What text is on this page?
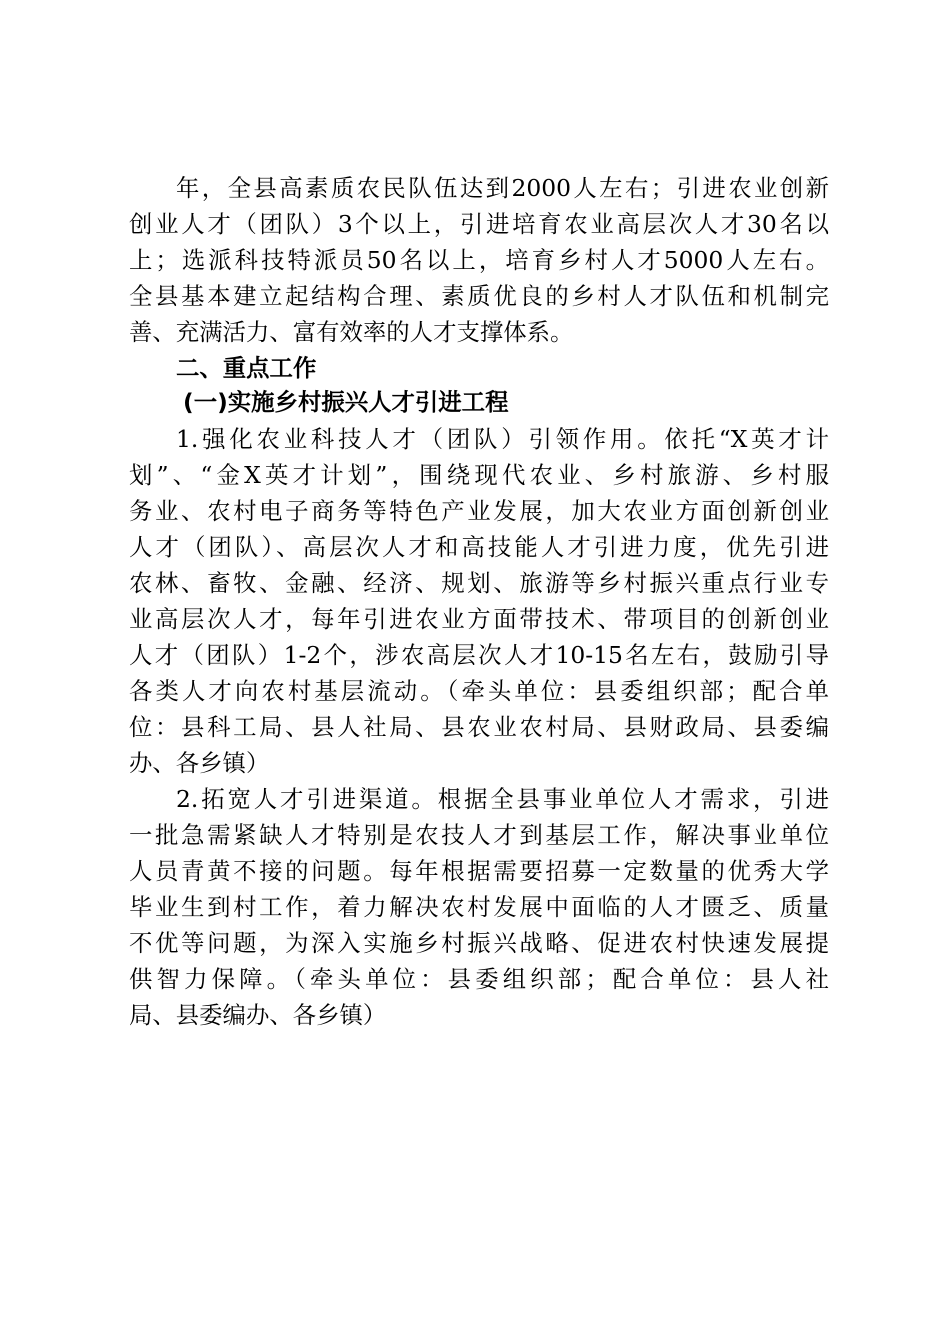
年，全县高素质农民队伍达到2000人左右；引进农业创新
创业人才（团队）3个以上，引进培育农业高层次人才30名以
上；选派科技特派员50名以上，培育乡村人才5000人左右。
全县基本建立起结构合理、素质优良的乡村人才队伍和机制完
善、充满活力、富有效率的人才支撑体系。
二、重点工作
(一)实施乡村振兴人才引进工程
1.强化农业科技人才（团队）引领作用。依托“X英才计
划”、“金X英才计划”，围绕现代农业、乡村旅游、乡村服
务业、农村电子商务等特色产业发展，加大农业方面创新创业
人才（团队）、高层次人才和高技能人才引进力度，优先引进
农林、畜牧、金融、经济、规划、旅游等乡村振兴重点行业专
业高层次人才，每年引进农业方面带技术、带项目的创新创业
人才（团队）1-2个，涉农高层次人才10-15名左右，鼓励引导
各类人才向农村基层流动。（牵头单位：县委组织部；配合单
位：县科工局、县人社局、县农业农村局、县财政局、县委编
办、各乡镇）
2.拓宽人才引进渠道。根据全县事业单位人才需求，引进
一批急需紧缺人才特别是农技人才到基层工作，解决事业单位
人员青黄不接的问题。每年根据需要招募一定数量的优秀大学
毕业生到村工作，着力解决农村发展中面临的人才匮乏、质量
不优等问题，为深入实施乡村振兴战略、促进农村快速发展提
供智力保障。（牵头单位：县委组织部；配合单位：县人社
局、县委编办、各乡镇）
